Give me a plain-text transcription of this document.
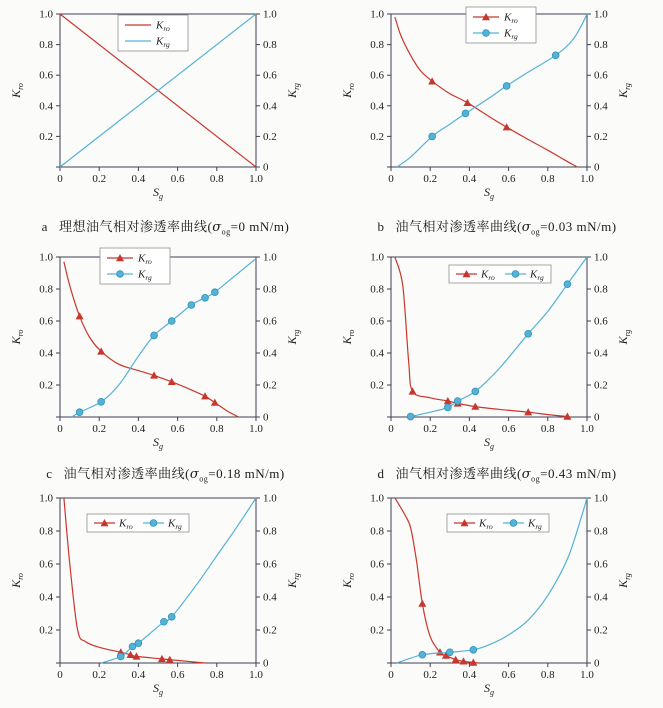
0
0
0.2
0.2	0.2
0.4
0.4	0.4
0.6
0.6	0.6
0.8
0.8	0.8
1.0
1.0	1.0
$K_{ro}$
$K_{rg}$
$S_g$
$K_{ro}$
$K_{rg}$
a 理想油气相对渗透率曲线($\sigma_{og}=0$ mN/m)
0
0
0.2
0.2	0.2
0.4
0.4	0.4
0.6
0.6	0.6
0.8
0.8	0.8
1.0
1.0	1.0
$K_{ro}$
$K_{rg}$
$S_g$
$K_{ro}$
$K_{rg}$
b 油气相对渗透率曲线($\sigma_{og}=0.03$ mN/m)
0
0
0.2
0.2	0.2
0.4
0.4	0.4
0.6
0.6	0.6
0.8
0.8	0.8
1.0
1.0	1.0
$K_{ro}$
$K_{rg}$
$S_g$
$K_{ro}$
$K_{rg}$
c 油气相对渗透率曲线($\sigma_{og}=0.18$ mN/m)
0
0
0.2
0.2	0.2
0.4
0.4	0.4
0.6
0.6	0.6
0.8
0.8	0.8
1.0
1.0	1.0
$K_{ro}$
$K_{rg}$
$S_g$
$K_{ro}$	$K_{rg}$
d 油气相对渗透率曲线($\sigma_{og}=0.43$ mN/m)
0
0
0.2
0.2	0.2
0.4
0.4	0.4
0.6
0.6	0.6
0.8
0.8	0.8
1.0
1.0	1.0
$K_{ro}$
$K_{rg}$
$S_g$
$K_{ro}$	$K_{rg}$
0
0
0.2
0.2	0.2
0.4
0.4	0.4
0.6
0.6	0.6
0.8
0.8	0.8
1.0
1.0	1.0
$K_{ro}$
$K_{rg}$
$S_g$
$K_{ro}$	$K_{rg}$
